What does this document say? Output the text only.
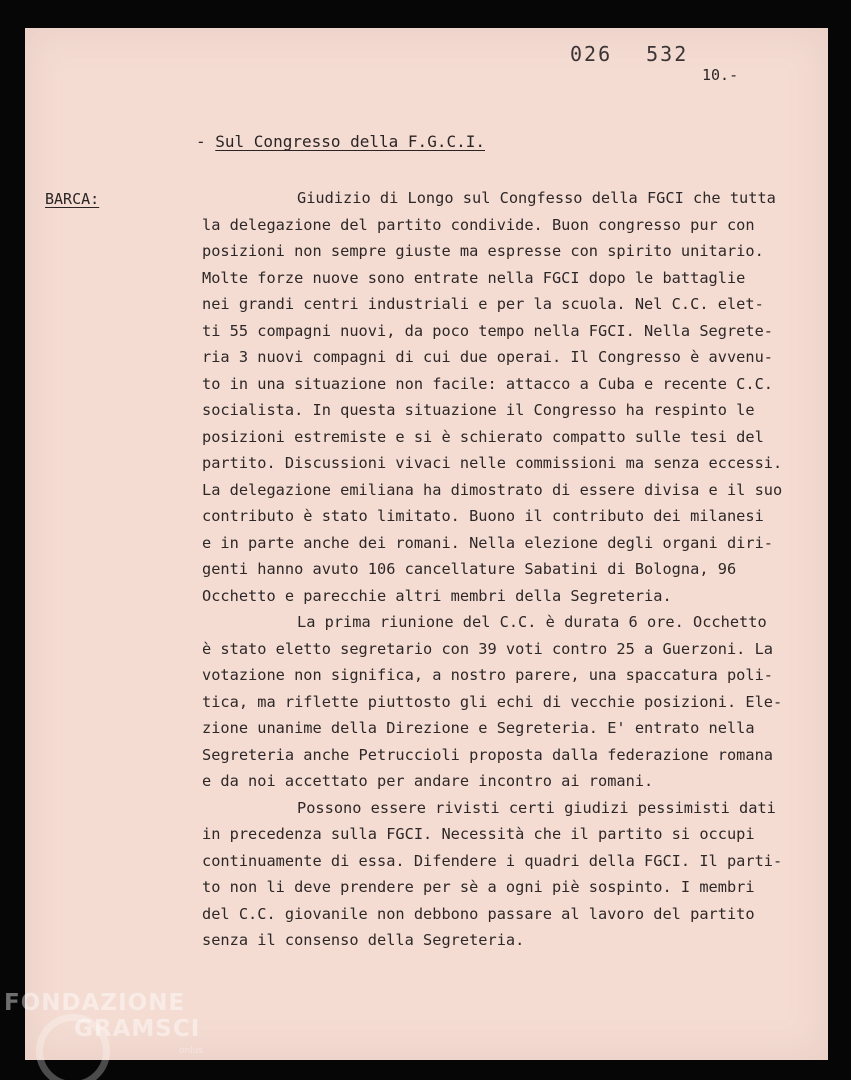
026 532
10.-
- Sul Congresso della F.G.C.I.
BARCA:	Giudizio di Longo sul Congfesso della FGCI che tutta
la delegazione del partito condivide. Buon congresso pur con
posizioni non sempre giuste ma espresse con spirito unitario.
Molte forze nuove sono entrate nella FGCI dopo le battaglie
nei grandi centri industriali e per la scuola. Nel C.C. elet-
ti 55 compagni nuovi, da poco tempo nella FGCI. Nella Segrete-
ria 3 nuovi compagni di cui due operai. Il Congresso è avvenu-
to in una situazione non facile: attacco a Cuba e recente C.C.
socialista. In questa situazione il Congresso ha respinto le
posizioni estremiste e si è schierato compatto sulle tesi del
partito. Discussioni vivaci nelle commissioni ma senza eccessi.
La delegazione emiliana ha dimostrato di essere divisa e il suo
contributo è stato limitato. Buono il contributo dei milanesi
e in parte anche dei romani. Nella elezione degli organi diri-
genti hanno avuto 106 cancellature Sabatini di Bologna, 96
Occhetto e parecchie altri membri della Segreteria.
La prima riunione del C.C. è durata 6 ore. Occhetto
è stato eletto segretario con 39 voti contro 25 a Guerzoni. La
votazione non significa, a nostro parere, una spaccatura poli-
tica, ma riflette piuttosto gli echi di vecchie posizioni. Ele-
zione unanime della Direzione e Segreteria. E' entrato nella
Segreteria anche Petruccioli proposta dalla federazione romana
e da noi accettato per andare incontro ai romani.
Possono essere rivisti certi giudizi pessimisti dati
in precedenza sulla FGCI. Necessità che il partito si occupi
continuamente di essa. Difendere i quadri della FGCI. Il parti-
to non li deve prendere per sè a ogni piè sospinto. I membri
del C.C. giovanile non debbono passare al lavoro del partito
senza il consenso della Segreteria.
FONDAZIONE
GRAMSCI
onlus
